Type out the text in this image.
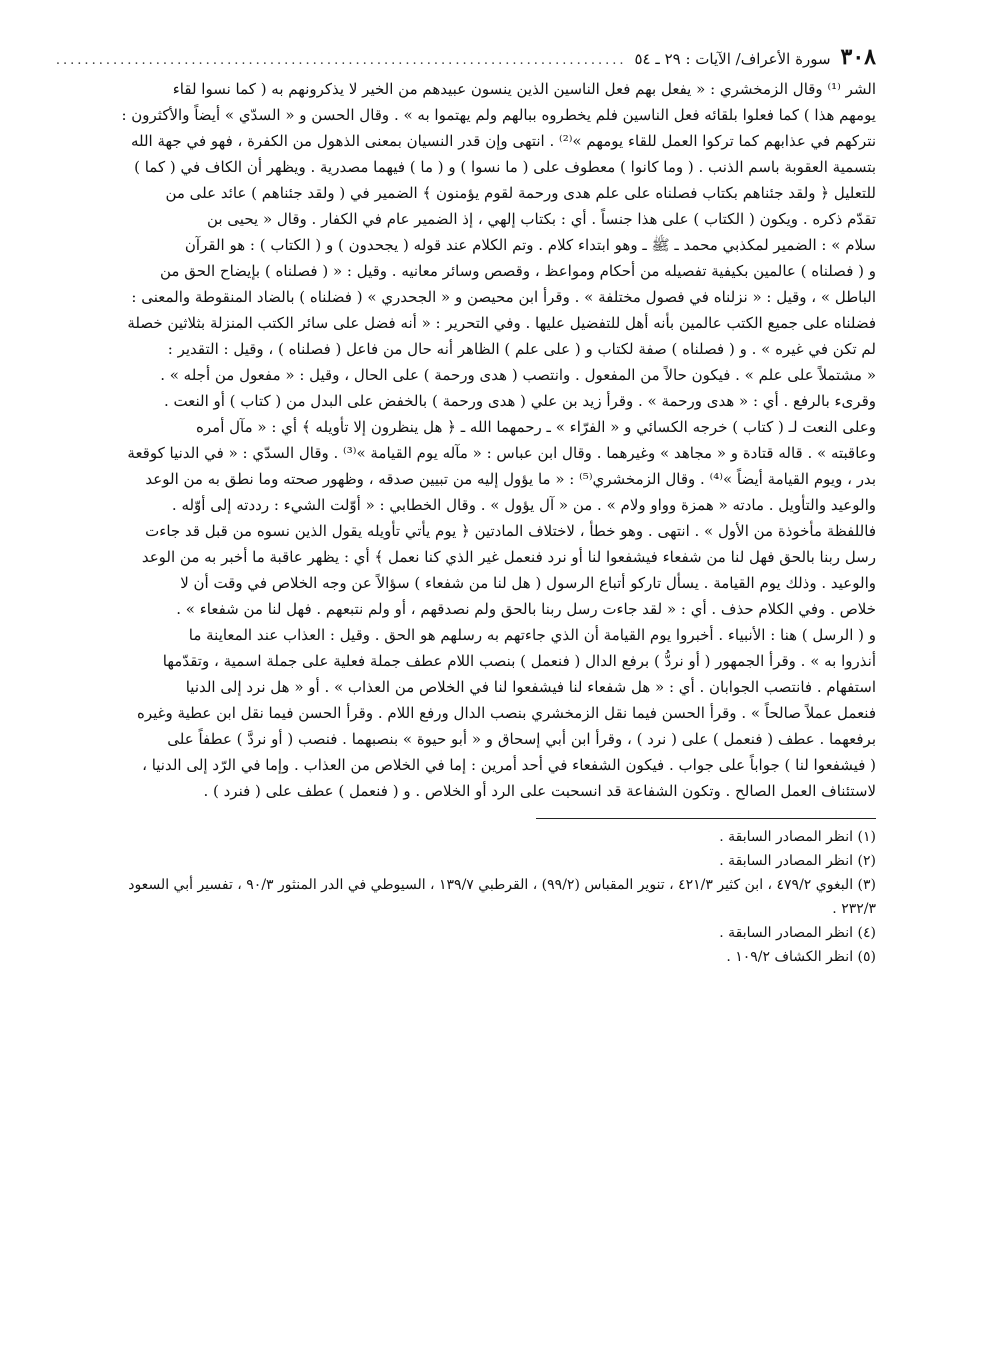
٣٠٨
سورة الأعراف/ الآيات : ٢٩ ـ ٥٤
................................................................................
الشر ⁽¹⁾ وقال الزمخشري : « يفعل بهم فعل الناسين الذين ينسون عبيدهم من الخير لا يذكرونهم به ( كما نسوا لقاء
يومهم هذا ) كما فعلوا بلقائه فعل الناسين فلم يخطروه ببالهم ولم يهتموا به » . وقال الحسن و « السدّي » أيضاً والأكثرون :
نتركهم في عذابهم كما تركوا العمل للقاء يومهم »⁽²⁾ . انتهى وإن قدر النسيان بمعنى الذهول من الكفرة ، فهو في جهة الله
بتسمية العقوبة باسم الذنب . ( وما كانوا ) معطوف على ( ما نسوا ) و ( ما ) فيهما مصدرية . ويظهر أن الكاف في ( كما )
للتعليل ﴿ ولقد جئناهم بكتاب فصلناه على علم هدى ورحمة لقوم يؤمنون ﴾ الضمير في ( ولقد جئناهم ) عائد على من
تقدّم ذكره . ويكون ( الكتاب ) على هذا جنساً . أي : بكتاب إلهي ، إذ الضمير عام في الكفار . وقال « يحيى بن
سلام » : الضمير لمكذبي محمد ـ ﷺ ـ وهو ابتداء كلام . وتم الكلام عند قوله ( يجحدون ) و ( الكتاب ) : هو القرآن
و ( فصلناه ) عالمين بكيفية تفصيله من أحكام ومواعظ ، وقصص وسائر معانيه . وقيل : « ( فصلناه ) بإيضاح الحق من
الباطل » ، وقيل : « نزلناه في فصول مختلفة » . وقرأ ابن محيصن و « الجحدري » ( فضلناه ) بالضاد المنقوطة والمعنى :
فضلناه على جميع الكتب عالمين بأنه أهل للتفضيل عليها . وفي التحرير : « أنه فضل على سائر الكتب المنزلة بثلاثين خصلة
لم تكن في غيره » . و ( فصلناه ) صفة لكتاب و ( على علم ) الظاهر أنه حال من فاعل ( فصلناه ) ، وقيل : التقدير :
« مشتملاً على علم » . فيكون حالاً من المفعول . وانتصب ( هدى ورحمة ) على الحال ، وقيل : « مفعول من أجله » .
وقرىء بالرفع . أي : « هدى ورحمة » . وقرأ زيد بن علي ( هدى ورحمة ) بالخفض على البدل من ( كتاب ) أو النعت .
وعلى النعت لـ ( كتاب ) خرجه الكسائي و « الفرّاء » ـ رحمهما الله ـ ﴿ هل ينظرون إلا تأويله ﴾ أي : « مآل أمره
وعاقبته » . قاله قتادة و « مجاهد » وغيرهما . وقال ابن عباس : « مآله يوم القيامة »⁽³⁾ . وقال السدّي : « في الدنيا كوقعة
بدر ، ويوم القيامة أيضاً »⁽⁴⁾ . وقال الزمخشري⁽⁵⁾ : « ما يؤول إليه من تبيين صدقه ، وظهور صحته وما نطق به من الوعد
والوعيد والتأويل . مادته « همزة وواو ولام » . من « آل يؤول » . وقال الخطابي : « أوّلت الشيء : رددته إلى أوّله .
فاللفظة مأخوذة من الأول » . انتهى . وهو خطأ ، لاختلاف المادتين ﴿ يوم يأتي تأويله يقول الذين نسوه من قبل قد جاءت
رسل ربنا بالحق فهل لنا من شفعاء فيشفعوا لنا أو نرد فنعمل غير الذي كنا نعمل ﴾ أي : يظهر عاقبة ما أخبر به من الوعد
والوعيد . وذلك يوم القيامة . يسأل تاركو أتباع الرسول ( هل لنا من شفعاء ) سؤالاً عن وجه الخلاص في وقت أن لا
خلاص . وفي الكلام حذف . أي : « لقد جاءت رسل ربنا بالحق ولم نصدقهم ، أو ولم نتبعهم . فهل لنا من شفعاء » .
و ( الرسل ) هنا : الأنبياء . أخبروا يوم القيامة أن الذي جاءتهم به رسلهم هو الحق . وقيل : العذاب عند المعاينة ما
أنذروا به » . وقرأ الجمهور ( أو نردُّ ) برفع الدال ( فنعمل ) بنصب اللام عطف جملة فعلية على جملة اسمية ، وتقدّمها
استفهام . فانتصب الجوابان . أي : « هل شفعاء لنا فيشفعوا لنا في الخلاص من العذاب » . أو « هل نرد إلى الدنيا
فنعمل عملاً صالحاً » . وقرأ الحسن فيما نقل الزمخشري بنصب الدال ورفع اللام . وقرأ الحسن فيما نقل ابن عطية وغيره
برفعهما . عطف ( فنعمل ) على ( نرد ) ، وقرأ ابن أبي إسحاق و « أبو حيوة » بنصبهما . فنصب ( أو نردَّ ) عطفاً على
( فيشفعوا لنا ) جواباً على جواب . فيكون الشفعاء في أحد أمرين : إما في الخلاص من العذاب . وإما في الرّد إلى الدنيا ،
لاستئناف العمل الصالح . وتكون الشفاعة قد انسحبت على الرد أو الخلاص . و ( فنعمل ) عطف على ( فنرد ) .
(١) انظر المصادر السابقة .
(٢) انظر المصادر السابقة .
(٣) البغوي ٤٧٩/٢ ، ابن كثير ٤٢١/٣ ، تنوير المقباس (٩٩/٢) ، القرطبي ١٣٩/٧ ، السيوطي في الدر المنثور ٩٠/٣ ، تفسير أبي السعود
٢٣٢/٣ .
(٤) انظر المصادر السابقة .
(٥) انظر الكشاف ١٠٩/٢ .
